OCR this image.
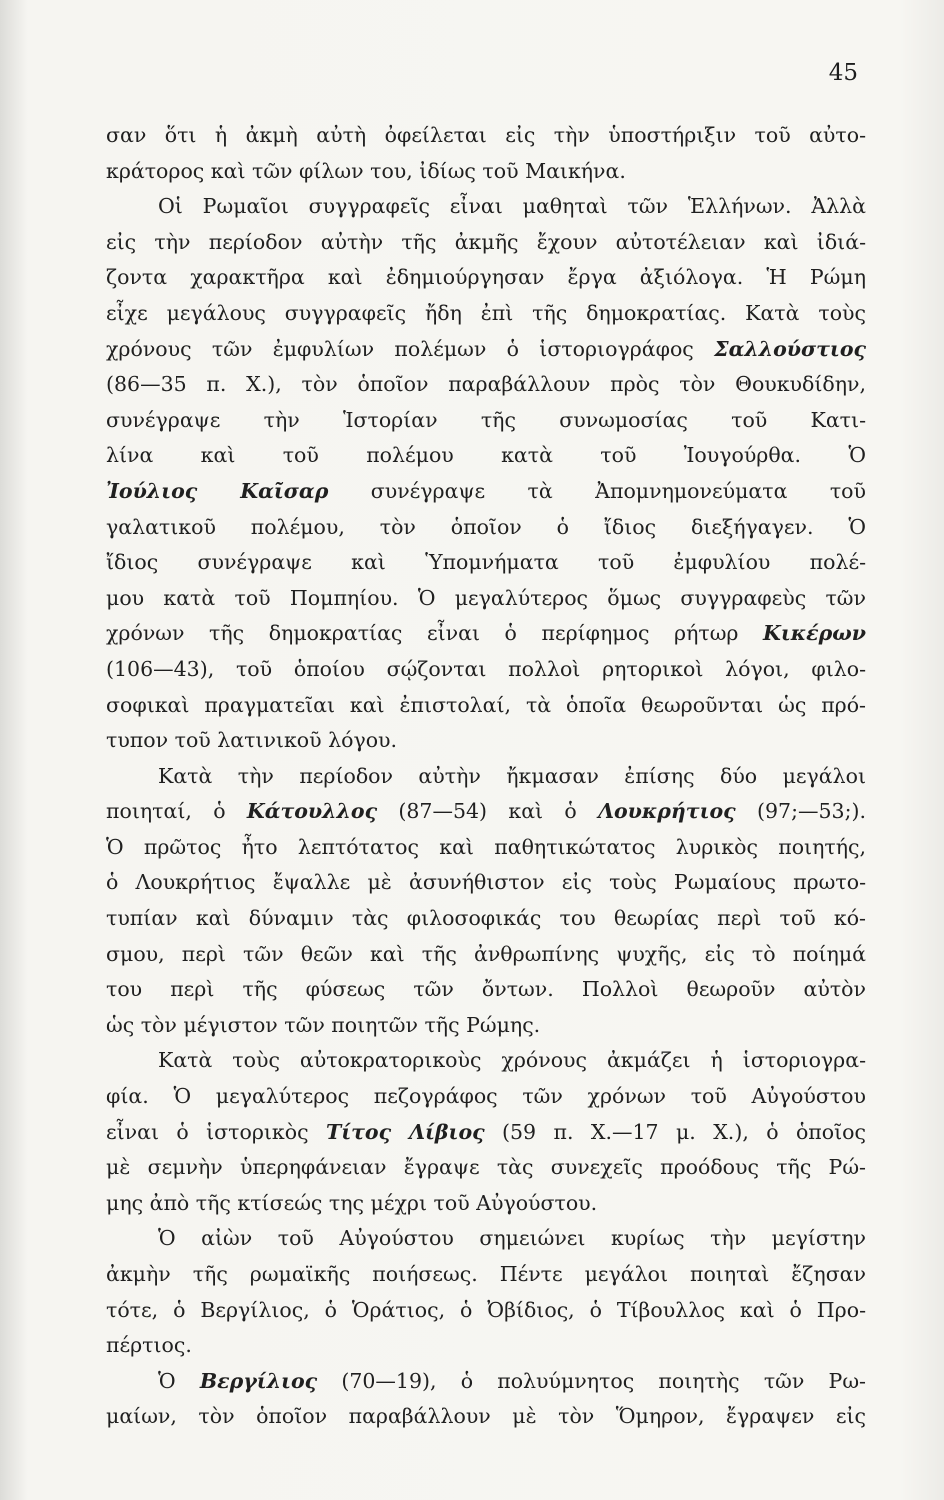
45
σαν ὅτι ἡ ἀκμὴ αὐτὴ ὀφείλεται εἰς τὴν ὑποστήριξιν τοῦ αὐτο-
κράτορος καὶ τῶν φίλων του, ἰδίως τοῦ Μαικήνα.
Οἱ Ρωμαῖοι συγγραφεῖς εἶναι μαθηταὶ τῶν Ἑλλήνων. Ἀλλὰ
εἰς τὴν περίοδον αὐτὴν τῆς ἀκμῆς ἔχουν αὐτοτέλειαν καὶ ἰδιά-
ζοντα χαρακτῆρα καὶ ἐδημιούργησαν ἔργα ἀξιόλογα. Ἡ Ρώμη
εἶχε μεγάλους συγγραφεῖς ἤδη ἐπὶ τῆς δημοκρατίας. Κατὰ τοὺς
χρόνους τῶν ἐμφυλίων πολέμων ὁ ἱστοριογράφος Σαλλούστιος
(86—35 π. Χ.), τὸν ὁποῖον παραβάλλουν πρὸς τὸν Θουκυδίδην,
συνέγραψε τὴν Ἱστορίαν τῆς συνωμοσίας τοῦ Κατι-
λίνα καὶ τοῦ πολέμου κατὰ τοῦ Ἰουγούρθα. Ὁ
Ἰούλιος Καῖσαρ συνέγραψε τὰ Ἀπομνημονεύματα τοῦ
γαλατικοῦ πολέμου, τὸν ὁποῖον ὁ ἴδιος διεξήγαγεν. Ὁ
ἴδιος συνέγραψε καὶ Ὑπομνήματα τοῦ ἐμφυλίου πολέ-
μου κατὰ τοῦ Πομπηίου. Ὁ μεγαλύτερος ὅμως συγγραφεὺς τῶν
χρόνων τῆς δημοκρατίας εἶναι ὁ περίφημος ρήτωρ Κικέρων
(106—43), τοῦ ὁποίου σῴζονται πολλοὶ ρητορικοὶ λόγοι, φιλο-
σοφικαὶ πραγματεῖαι καὶ ἐπιστολαί, τὰ ὁποῖα θεωροῦνται ὡς πρό-
τυπον τοῦ λατινικοῦ λόγου.
Κατὰ τὴν περίοδον αὐτὴν ἤκμασαν ἐπίσης δύο μεγάλοι
ποιηταί, ὁ Κάτουλλος (87—54) καὶ ὁ Λουκρήτιος (97;—53;).
Ὁ πρῶτος ἦτο λεπτότατος καὶ παθητικώτατος λυρικὸς ποιητής,
ὁ Λουκρήτιος ἔψαλλε μὲ ἀσυνήθιστον εἰς τοὺς Ρωμαίους πρωτο-
τυπίαν καὶ δύναμιν τὰς φιλοσοφικάς του θεωρίας περὶ τοῦ κό-
σμου, περὶ τῶν θεῶν καὶ τῆς ἀνθρωπίνης ψυχῆς, εἰς τὸ ποίημά
του περὶ τῆς φύσεως τῶν ὄντων. Πολλοὶ θεωροῦν αὐτὸν
ὡς τὸν μέγιστον τῶν ποιητῶν τῆς Ρώμης.
Κατὰ τοὺς αὐτοκρατορικοὺς χρόνους ἀκμάζει ἡ ἱστοριογρα-
φία. Ὁ μεγαλύτερος πεζογράφος τῶν χρόνων τοῦ Αὐγούστου
εἶναι ὁ ἱστορικὸς Τίτος Λίβιος (59 π. Χ.—17 μ. Χ.), ὁ ὁποῖος
μὲ σεμνὴν ὑπερηφάνειαν ἔγραψε τὰς συνεχεῖς προόδους τῆς Ρώ-
μης ἀπὸ τῆς κτίσεώς της μέχρι τοῦ Αὐγούστου.
Ὁ αἰὼν τοῦ Αὐγούστου σημειώνει κυρίως τὴν μεγίστην
ἀκμὴν τῆς ρωμαϊκῆς ποιήσεως. Πέντε μεγάλοι ποιηταὶ ἔζησαν
τότε, ὁ Βεργίλιος, ὁ Ὁράτιος, ὁ Ὀβίδιος, ὁ Τίβουλλος καὶ ὁ Προ-
πέρτιος.
Ὁ Βεργίλιος (70—19), ὁ πολυύμνητος ποιητὴς τῶν Ρω-
μαίων, τὸν ὁποῖον παραβάλλουν μὲ τὸν Ὅμηρον, ἔγραψεν εἰς
